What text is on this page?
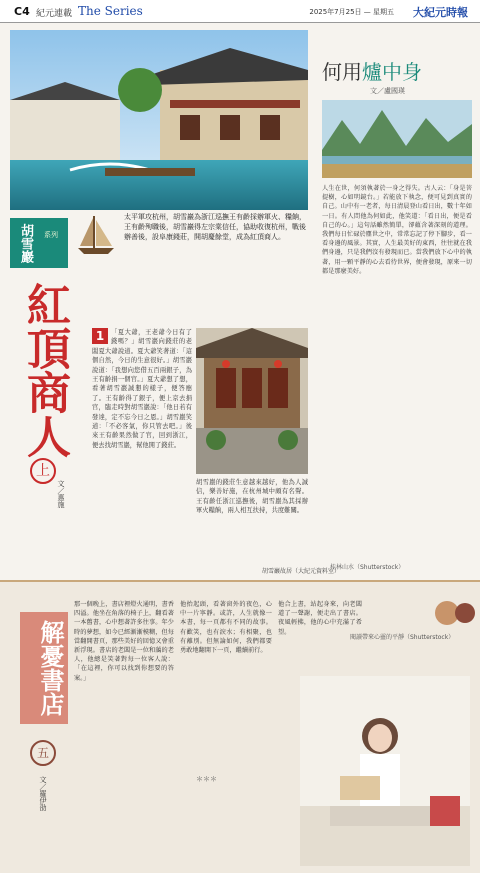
C4 紀元連載 The Series	2025年7月25日 — 星期五 大紀元時報
胡雪巖 系列
太平軍攻杭州，胡雪巖為浙江巡撫王有齡採辦軍火、糧餉，王有齡殉職後，胡雪巖得左宗棠信任，協助收復杭州，戰後辦善後，設阜康錢莊，開胡慶餘堂，成為紅頂商人。
紅頂商人
上
文／惠施
1	「夏大爺，王老爺今日有了錢嗎？」胡雪巖向錢莊的老闆夏大爺說道。夏大爺笑著道：「這個自然，今日的生意很好。」胡雪巖說道：「我想向您借五百兩銀子，為王有齡捐一個官。」夏大爺想了想，看著胡雪巖誠懇的樣子，便答應了。王有齡得了銀子，便上京去捐官，臨走時對胡雪巖說：「他日若有發達，定不忘今日之恩。」胡雪巖笑道：「不必客氣，你只管去吧。」後來王有齡果然做了官，回到浙江，便去找胡雪巖，幫他開了錢莊。
胡雪巖的錢莊生意越來越好，他為人誠信，樂善好施，在杭州城中頗有名聲。王有齡任浙江巡撫後，胡雪巖為其採辦軍火糧餉，兩人相互扶持，共度難關。
胡雪巖故居（大紀元資料室）
何用爐中身
文／盧國瑛
人生在世，何須執著於一身之得失。古人云：「身是菩提樹，心如明鏡台。」若能放下執念，便可見到真實的自己。山中有一老者，每日清晨登山看日出，數十年如一日。有人問他為何如此，他笑道：「看日出，便是看自己的心。」這句話雖然簡單，卻蘊含著深刻的道理。我們每日忙碌於塵世之中，常常忘記了停下腳步，看一看身邊的風景。其實，人生最美好的東西，往往就在我們身邊，只是我們沒有發現而已。當我們放下心中的執著，用一顆平靜的心去看待世界，便會發現，原來一切都是那麼美好。
桂林山水（Shutterstock）
解憂書店
五
文／羅伊劭
那一個晚上，書店裡燈火通明，書香四溢。他坐在角落的椅子上，翻看著一本舊書，心中想著許多往事。年少時的夢想，如今已經漸漸模糊，但每當翻開書頁，那些美好的回憶又會重新浮現。書店的老闆是一位和藹的老人，他總是笑著對每一位客人說：「在這裡，你可以找到你想要的答案。」
他抬起頭，看著窗外的夜色，心中一片寧靜。或許，人生就像一本書，每一頁都有不同的故事。有歡笑，也有淚水；有相聚，也有離別。但無論如何，我們都要勇敢地翻開下一頁，繼續前行。
他合上書，站起身來，向老闆道了一聲謝，便走出了書店。夜風輕拂，他的心中充滿了希望。
＊＊＊
閱讀帶來心靈的平靜（Shutterstock）
